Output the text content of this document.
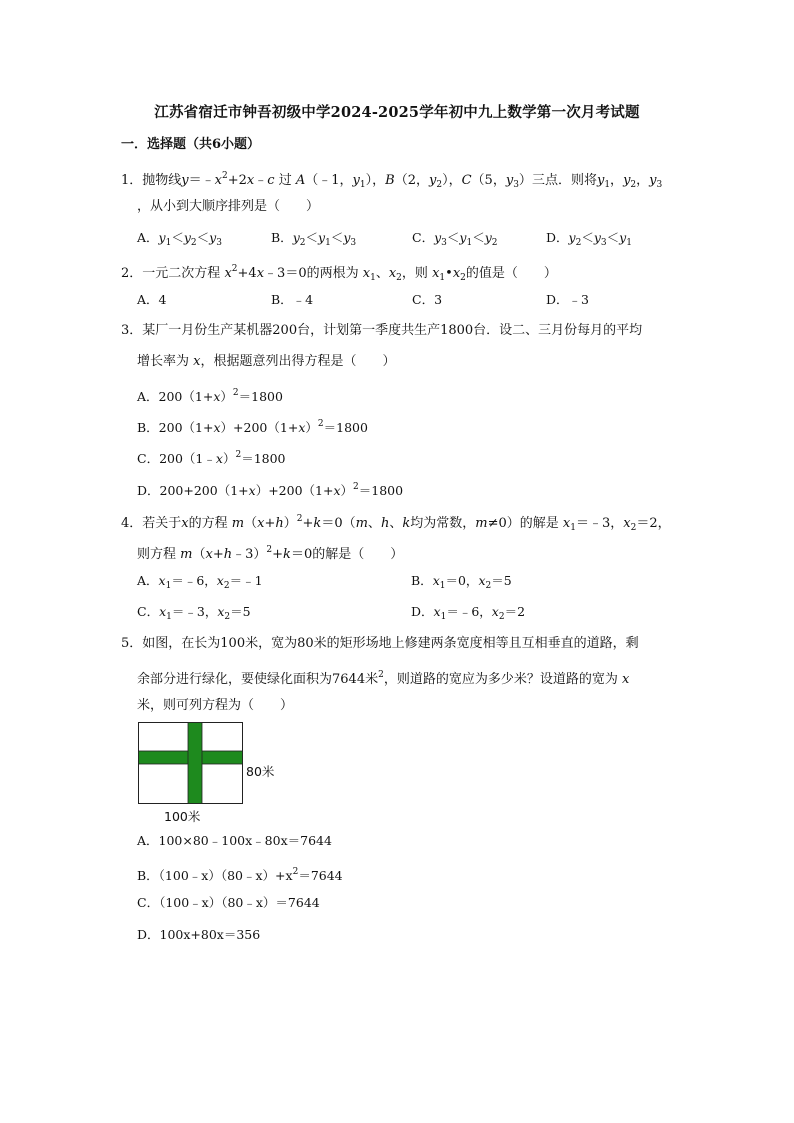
江苏省宿迁市钟吾初级中学2024-2025学年初中九上数学第一次月考试题
一．选择题（共6小题）
1．抛物线$y=﹣x^2+2x﹣c$ 过 A（﹣1，$y_1$），B（2，$y_2$），C（5，$y_3$）三点．则将$y_1$，$y_2$，$y_3$
，从小到大顺序排列是（　　）
A．$y_1<y_2<y_3$	B．$y_2<y_1<y_3$	C．$y_3<y_1<y_2$	D．$y_2<y_3<y_1$
2．一元二次方程 $x^2+4x﹣3=0$的两根为 $x_1$、$x_2$，则 $x_1•x_2$的值是（　　）
A．4	B．﹣4	C．3	D．﹣3
3．某厂一月份生产某机器200台，计划第一季度共生产1800台．设二、三月份每月的平均
增长率为 x，根据题意列出得方程是（　　）
A．$200(1+x)^2=1800$
B．$200(1+x)+200(1+x)^2=1800$
C．200（1﹣x）$^2$＝1800
D．$200+200(1+x)+200(1+x)^2=1800$
4．若关于x的方程 $m(x+h)^2+k=0(m$、h、k均为常数，m≠0）的解是 $x_1=﹣3$，$x_2=2$，
则方程 m（x+h﹣3）$^2$+k＝0的解是（　　）
A．$x_1=﹣6$，$x_2=﹣1$	B．$x_1=0$，$x_2=5$
C．$x_1=﹣3$，$x_2=5$	D．$x_1=﹣6$，$x_2=2$
5．如图，在长为100米，宽为80米的矩形场地上修建两条宽度相等且互相垂直的道路，剩
余部分进行绿化，要使绿化面积为7644米$^2$，则道路的宽应为多少米？设道路的宽为 x
米，则可列方程为（　　）
80米
100米
A．100×80﹣100x﹣80x＝7644
B．$(100﹣x)(80﹣x)+x^2=7644$
C．（100﹣x）（80﹣x）＝7644
D．100x+80x＝356
